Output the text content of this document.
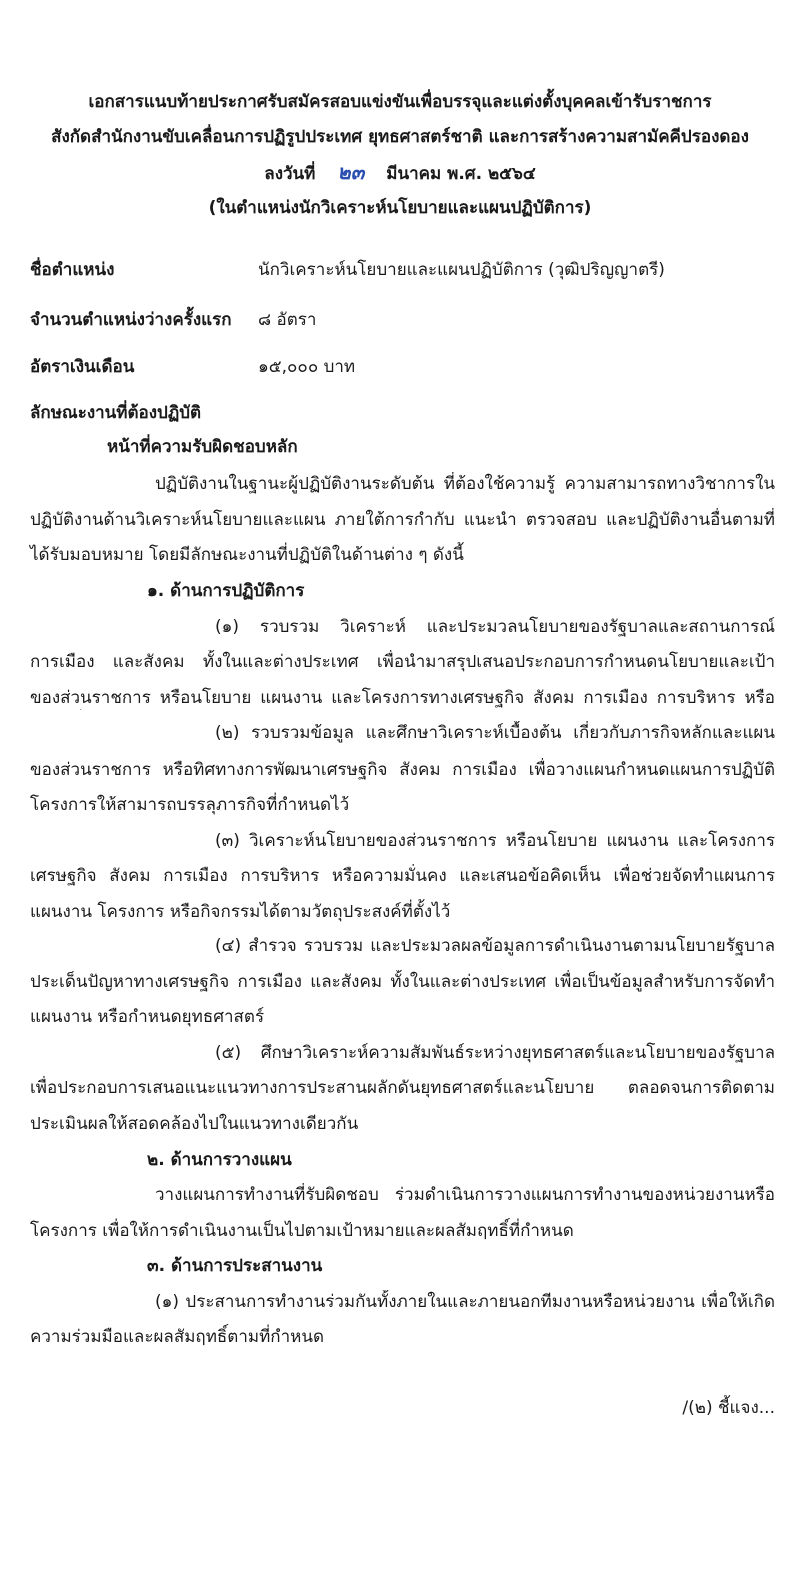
เอกสารแนบท้ายประกาศรับสมัครสอบแข่งขันเพื่อบรรจุและแต่งตั้งบุคคลเข้ารับราชการ
สังกัดสำนักงานขับเคลื่อนการปฏิรูปประเทศ ยุทธศาสตร์ชาติ และการสร้างความสามัคคีปรองดอง
ลงวันที่ ๒๓ มีนาคม พ.ศ. ๒๕๖๔
(ในตำแหน่งนักวิเคราะห์นโยบายและแผนปฏิบัติการ)
ชื่อตำแหน่ง	นักวิเคราะห์นโยบายและแผนปฏิบัติการ (วุฒิปริญญาตรี)
จำนวนตำแหน่งว่างครั้งแรก ๘ อัตรา
อัตราเงินเดือน	๑๕,๐๐๐ บาท
ลักษณะงานที่ต้องปฏิบัติ
หน้าที่ความรับผิดชอบหลัก
ปฏิบัติงานในฐานะผู้ปฏิบัติงานระดับต้น ที่ต้องใช้ความรู้ ความสามารถทางวิชาการใน
ปฏิบัติงานด้านวิเคราะห์นโยบายและแผน ภายใต้การกำกับ แนะนำ ตรวจสอบ และปฏิบัติงานอื่นตามที่
ได้รับมอบหมาย โดยมีลักษณะงานที่ปฏิบัติในด้านต่าง ๆ ดังนี้
๑. ด้านการปฏิบัติการ
(๑) รวบรวม วิเคราะห์ และประมวลนโยบายของรัฐบาลและสถานการณ์
การเมือง และสังคม ทั้งในและต่างประเทศ เพื่อนำมาสรุปเสนอประกอบการกำหนดนโยบายและเป้า
ของส่วนราชการ หรือนโยบาย แผนงาน และโครงการทางเศรษฐกิจ สังคม การเมือง การบริหาร หรือ
(๒) รวบรวมข้อมูล และศึกษาวิเคราะห์เบื้องต้น เกี่ยวกับภารกิจหลักและแผน
ของส่วนราชการ หรือทิศทางการพัฒนาเศรษฐกิจ สังคม การเมือง เพื่อวางแผนกำหนดแผนการปฏิบัติ
โครงการให้สามารถบรรลุภารกิจที่กำหนดไว้
(๓) วิเคราะห์นโยบายของส่วนราชการ หรือนโยบาย แผนงาน และโครงการ
เศรษฐกิจ สังคม การเมือง การบริหาร หรือความมั่นคง และเสนอข้อคิดเห็น เพื่อช่วยจัดทำแผนการ
แผนงาน โครงการ หรือกิจกรรมได้ตามวัตถุประสงค์ที่ตั้งไว้
(๔) สำรวจ รวบรวม และประมวลผลข้อมูลการดำเนินงานตามนโยบายรัฐบาล
ประเด็นปัญหาทางเศรษฐกิจ การเมือง และสังคม ทั้งในและต่างประเทศ เพื่อเป็นข้อมูลสำหรับการจัดทำ
แผนงาน หรือกำหนดยุทธศาสตร์
(๕) ศึกษาวิเคราะห์ความสัมพันธ์ระหว่างยุทธศาสตร์และนโยบายของรัฐบาล
เพื่อประกอบการเสนอแนะแนวทางการประสานผลักดันยุทธศาสตร์และนโยบาย ตลอดจนการติดตาม
ประเมินผลให้สอดคล้องไปในแนวทางเดียวกัน
๒. ด้านการวางแผน
วางแผนการทำงานที่รับผิดชอบ ร่วมดำเนินการวางแผนการทำงานของหน่วยงานหรือ
โครงการ เพื่อให้การดำเนินงานเป็นไปตามเป้าหมายและผลสัมฤทธิ์ที่กำหนด
๓. ด้านการประสานงาน
(๑) ประสานการทำงานร่วมกันทั้งภายในและภายนอกทีมงานหรือหน่วยงาน เพื่อให้เกิด
ความร่วมมือและผลสัมฤทธิ์ตามที่กำหนด
/(๒) ชี้แจง...
